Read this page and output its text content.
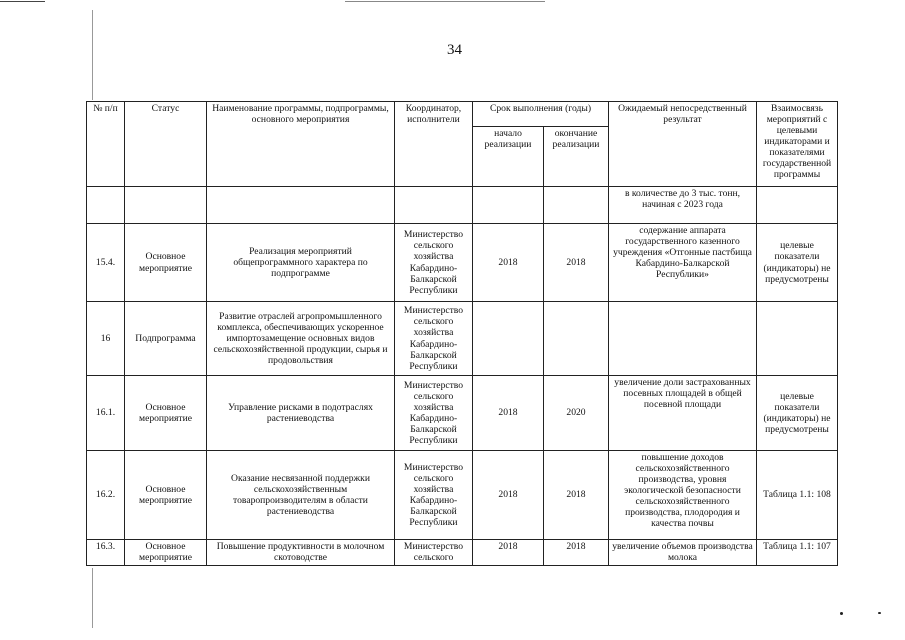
34
№ п/п	Статус	Наименование программы, подпрограммы, основного мероприятия	Координатор, исполнители	Срок выполнения (годы)		Ожидаемый непосредственный результат	Взаимосвязь мероприятий с целевыми индикаторами и показателями государственной программы
				начало реализации	окончание реализации		
						в количестве до 3 тыс. тонн, начиная с 2023 года	
15.4.	Основное мероприятие	Реализация мероприятий общепрограммного характера по подпрограмме	Министерство сельского хозяйства Кабардино-Балкарской Республики	2018	2018	содержание аппарата государственного казенного учреждения «Отгонные пастбища Кабардино-Балкарской Республики»	целевые показатели (индикаторы) не предусмотрены
16	Подпрограмма	Развитие отраслей агропромышленного комплекса, обеспечивающих ускоренное импортозамещение основных видов сельскохозяйственной продукции, сырья и продовольствия	Министерство сельского хозяйства Кабардино-Балкарской Республики				
16.1.	Основное мероприятие	Управление рисками в подотраслях растениеводства	Министерство сельского хозяйства Кабардино-Балкарской Республики	2018	2020	увеличение доли застрахованных посевных площадей в общей посевной площади	целевые показатели (индикаторы) не предусмотрены
16.2.	Основное мероприятие	Оказание несвязанной поддержки сельскохозяйственным товаропроизводителям в области растениеводства	Министерство сельского хозяйства Кабардино-Балкарской Республики	2018	2018	повышение доходов сельскохозяйственного производства, уровня экологической безопасности сельскохозяйственного производства, плодородия и качества почвы	Таблица 1.1: 108
16.3.	Основное мероприятие	Повышение продуктивности в молочном скотоводстве	Министерство сельского	2018	2018	увеличение объемов производства молока	Таблица 1.1: 107
